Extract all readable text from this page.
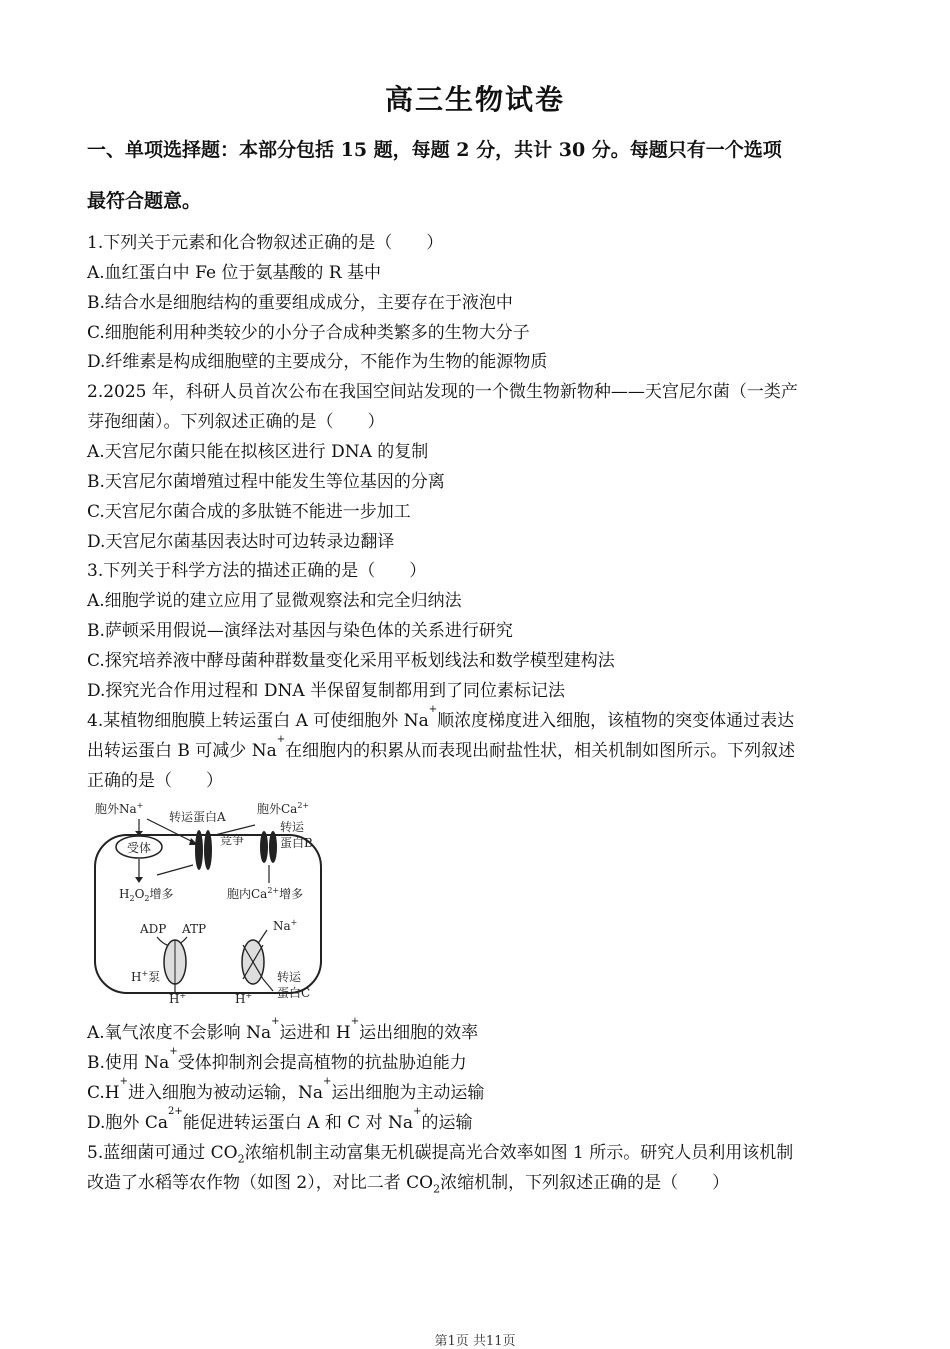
高三生物试卷
一、单项选择题：本部分包括 15 题，每题 2 分，共计 30 分。每题只有一个选项
最符合题意。
1.下列关于元素和化合物叙述正确的是（　　）
A.血红蛋白中 Fe 位于氨基酸的 R 基中
B.结合水是细胞结构的重要组成成分，主要存在于液泡中
C.细胞能利用种类较少的小分子合成种类繁多的生物大分子
D.纤维素是构成细胞壁的主要成分，不能作为生物的能源物质
2.2025 年，科研人员首次公布在我国空间站发现的一个微生物新物种——天宫尼尔菌（一类产
芽孢细菌）。下列叙述正确的是（　　）
A.天宫尼尔菌只能在拟核区进行 DNA 的复制
B.天宫尼尔菌增殖过程中能发生等位基因的分离
C.天宫尼尔菌合成的多肽链不能进一步加工
D.天宫尼尔菌基因表达时可边转录边翻译
3.下列关于科学方法的描述正确的是（　　）
A.细胞学说的建立应用了显微观察法和完全归纳法
B.萨顿采用假说—演绎法对基因与染色体的关系进行研究
C.探究培养液中酵母菌种群数量变化采用平板划线法和数学模型建构法
D.探究光合作用过程和 DNA 半保留复制都用到了同位素标记法
4.某植物细胞膜上转运蛋白 A 可使细胞外 Na+顺浓度梯度进入细胞，该植物的突变体通过表达
出转运蛋白 B 可减少 Na+在细胞内的积累从而表现出耐盐性状，相关机制如图所示。下列叙述
正确的是（　　）
受体
胞外Na+
转运蛋白A
竞争
胞外$Ca^{2+}$
转运
蛋白B
$H_2O_2$增多	胞内$Ca^{2+}$增多
ADP ATP
H+泵
H+
Na+
H+
转运
蛋白C
A.氧气浓度不会影响 Na+运进和 H+运出细胞的效率
B.使用 Na+受体抑制剂会提高植物的抗盐胁迫能力
C.H+进入细胞为被动运输，Na+运出细胞为主动运输
D.胞外 $Ca^{2+}$能促进转运蛋白 A 和 C 对 Na+的运输
5.蓝细菌可通过 $CO_2$浓缩机制主动富集无机碳提高光合效率如图 1 所示。研究人员利用该机制
改造了水稻等农作物（如图 2），对比二者 $CO_2$浓缩机制，下列叙述正确的是（　　）
第1页 共11页
